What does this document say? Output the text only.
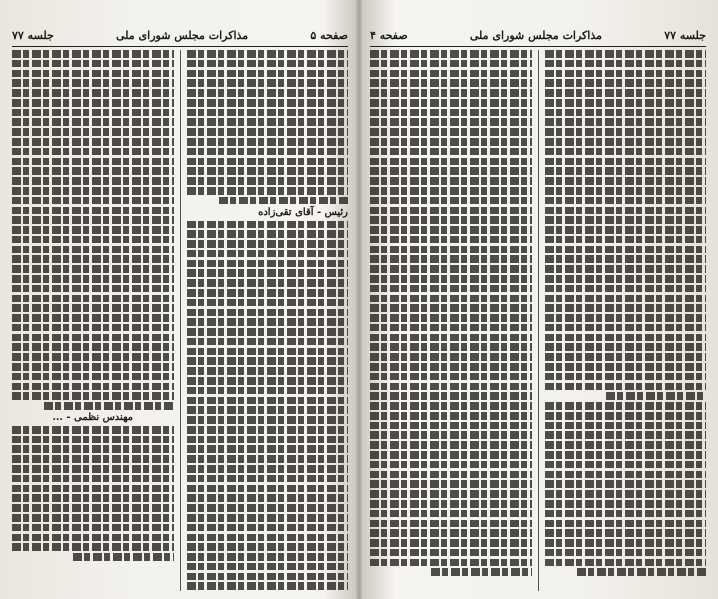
صفحه ۵
مذاکرات مجلس شورای ملی
جلسه ۷۷
رئیس - آقای تقی‌زاده
مهندس نظمی - ...
جلسه ۷۷
مذاکرات مجلس شورای ملی
صفحه ۴
